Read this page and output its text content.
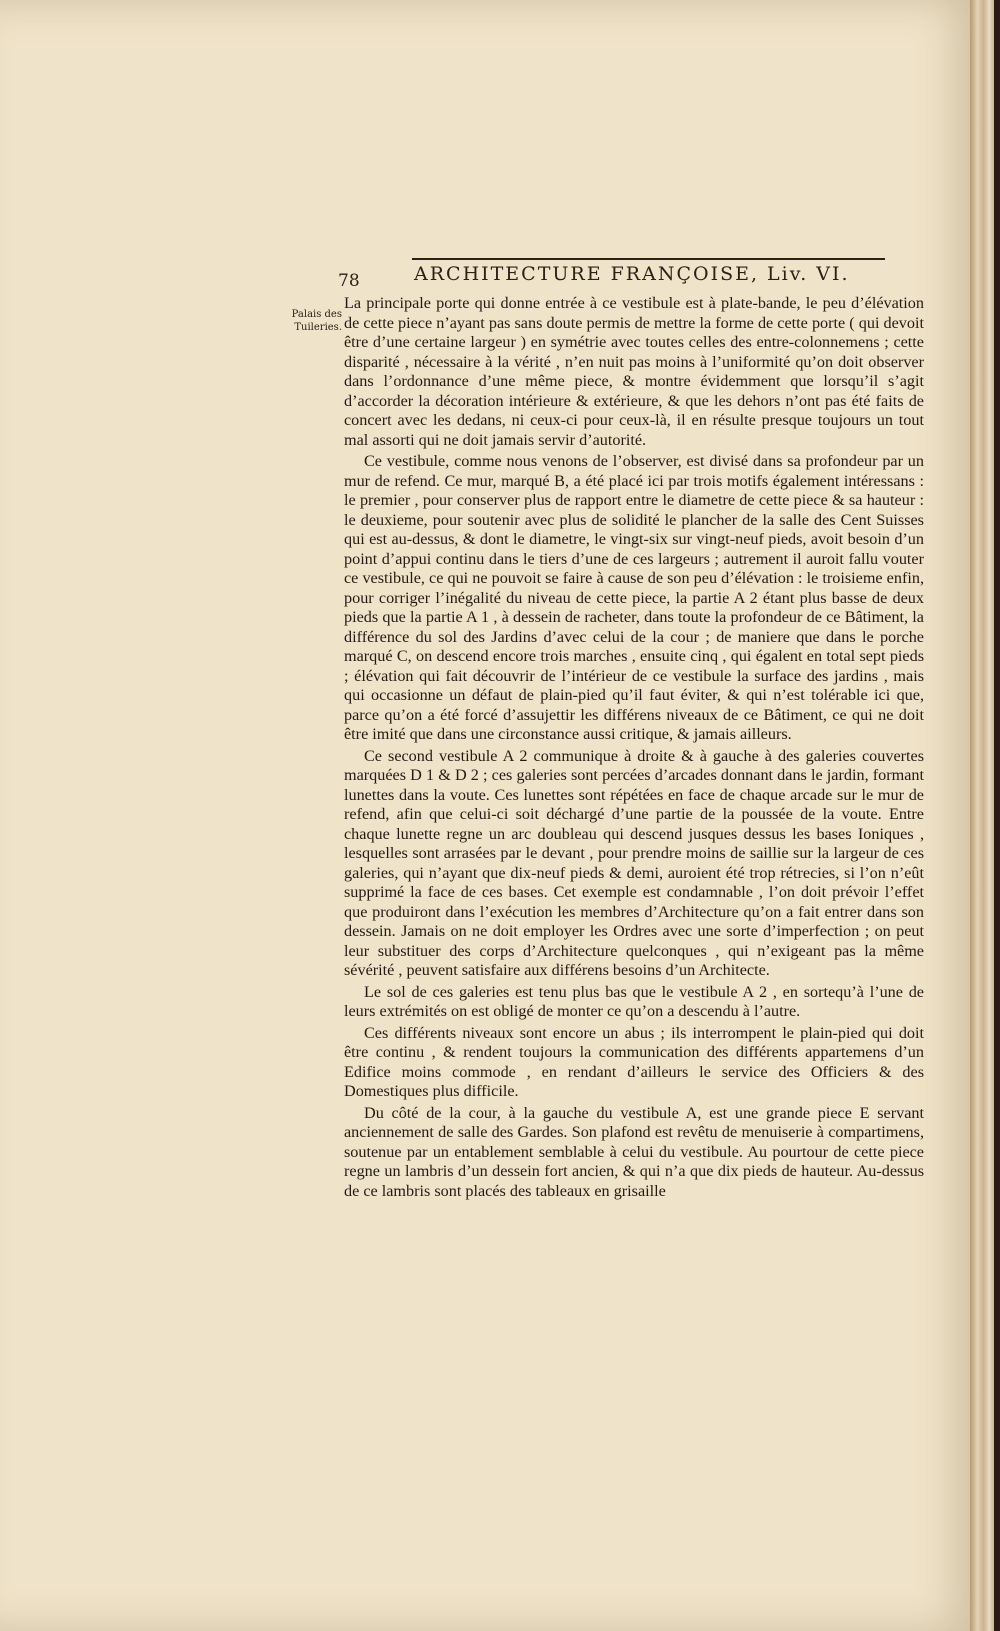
78	ARCHITECTURE FRANÇOISE, Liv. VI.
Palais des Tuileries.

La principale porte qui donne entrée à ce vestibule est à plate-bande, le peu d’élévation de cette piece n’ayant pas sans doute permis de mettre la forme de cette porte ( qui devoit être d’une certaine largeur ) en symétrie avec toutes celles des entre-colonnemens ; cette disparité , nécessaire à la vérité , n’en nuit pas moins à l’uniformité qu’on doit observer dans l’ordonnance d’une même piece, & montre évidemment que lorsqu’il s’agit d’accorder la décoration intérieure & extérieure, & que les dehors n’ont pas été faits de concert avec les dedans, ni ceux-ci pour ceux-là, il en résulte presque toujours un tout mal assorti qui ne doit jamais servir d’autorité.

Ce vestibule, comme nous venons de l’observer, est divisé dans sa profondeur par un mur de refend. Ce mur, marqué B, a été placé ici par trois motifs également intéressans : le premier , pour conserver plus de rapport entre le diametre de cette piece & sa hauteur : le deuxieme, pour soutenir avec plus de solidité le plancher de la salle des Cent Suisses qui est au-dessus, & dont le diametre, le vingt-six sur vingt-neuf pieds, avoit besoin d’un point d’appui continu dans le tiers d’une de ces largeurs ; autrement il auroit fallu vouter ce vestibule, ce qui ne pouvoit se faire à cause de son peu d’élévation : le troisieme enfin, pour corriger l’inégalité du niveau de cette piece, la partie A 2 étant plus basse de deux pieds que la partie A 1 , à dessein de racheter, dans toute la profondeur de ce Bâtiment, la différence du sol des Jardins d’avec celui de la cour ; de maniere que dans le porche marqué C, on descend encore trois marches , ensuite cinq , qui égalent en total sept pieds ; élévation qui fait découvrir de l’intérieur de ce vestibule la surface des jardins , mais qui occasionne un défaut de plain-pied qu’il faut éviter, & qui n’est tolérable ici que, parce qu’on a été forcé d’assujettir les différens niveaux de ce Bâtiment, ce qui ne doit être imité que dans une circonstance aussi critique, & jamais ailleurs.

Ce second vestibule A 2 communique à droite & à gauche à des galeries couvertes marquées D 1 & D 2 ; ces galeries sont percées d’arcades donnant dans le jardin, formant lunettes dans la voute. Ces lunettes sont répétées en face de chaque arcade sur le mur de refend, afin que celui-ci soit déchargé d’une partie de la poussée de la voute. Entre chaque lunette regne un arc doubleau qui descend jusques dessus les bases Ioniques , lesquelles sont arrasées par le devant , pour prendre moins de saillie sur la largeur de ces galeries, qui n’ayant que dix-neuf pieds & demi, auroient été trop rétrecies, si l’on n’eût supprimé la face de ces bases. Cet exemple est condamnable , l’on doit prévoir l’effet que produiront dans l’exécution les membres d’Architecture qu’on a fait entrer dans son dessein. Jamais on ne doit employer les Ordres avec une sorte d’imperfection ; on peut leur substituer des corps d’Architecture quelconques , qui n’exigeant pas la même sévérité , peuvent satisfaire aux différens besoins d’un Architecte.

Le sol de ces galeries est tenu plus bas que le vestibule A 2 , en sortequ’à l’une de leurs extrémités on est obligé de monter ce qu’on a descendu à l’autre.

Ces différents niveaux sont encore un abus ; ils interrompent le plain-pied qui doit être continu , & rendent toujours la communication des différents appartemens d’un Edifice moins commode , en rendant d’ailleurs le service des Officiers & des Domestiques plus difficile.

Du côté de la cour, à la gauche du vestibule A, est une grande piece E servant anciennement de salle des Gardes. Son plafond est revêtu de menuiserie à compartimens, soutenue par un entablement semblable à celui du vestibule. Au pourtour de cette piece regne un lambris d’un dessein fort ancien, & qui n’a que dix pieds de hauteur. Au-dessus de ce lambris sont placés des tableaux en grisaille
